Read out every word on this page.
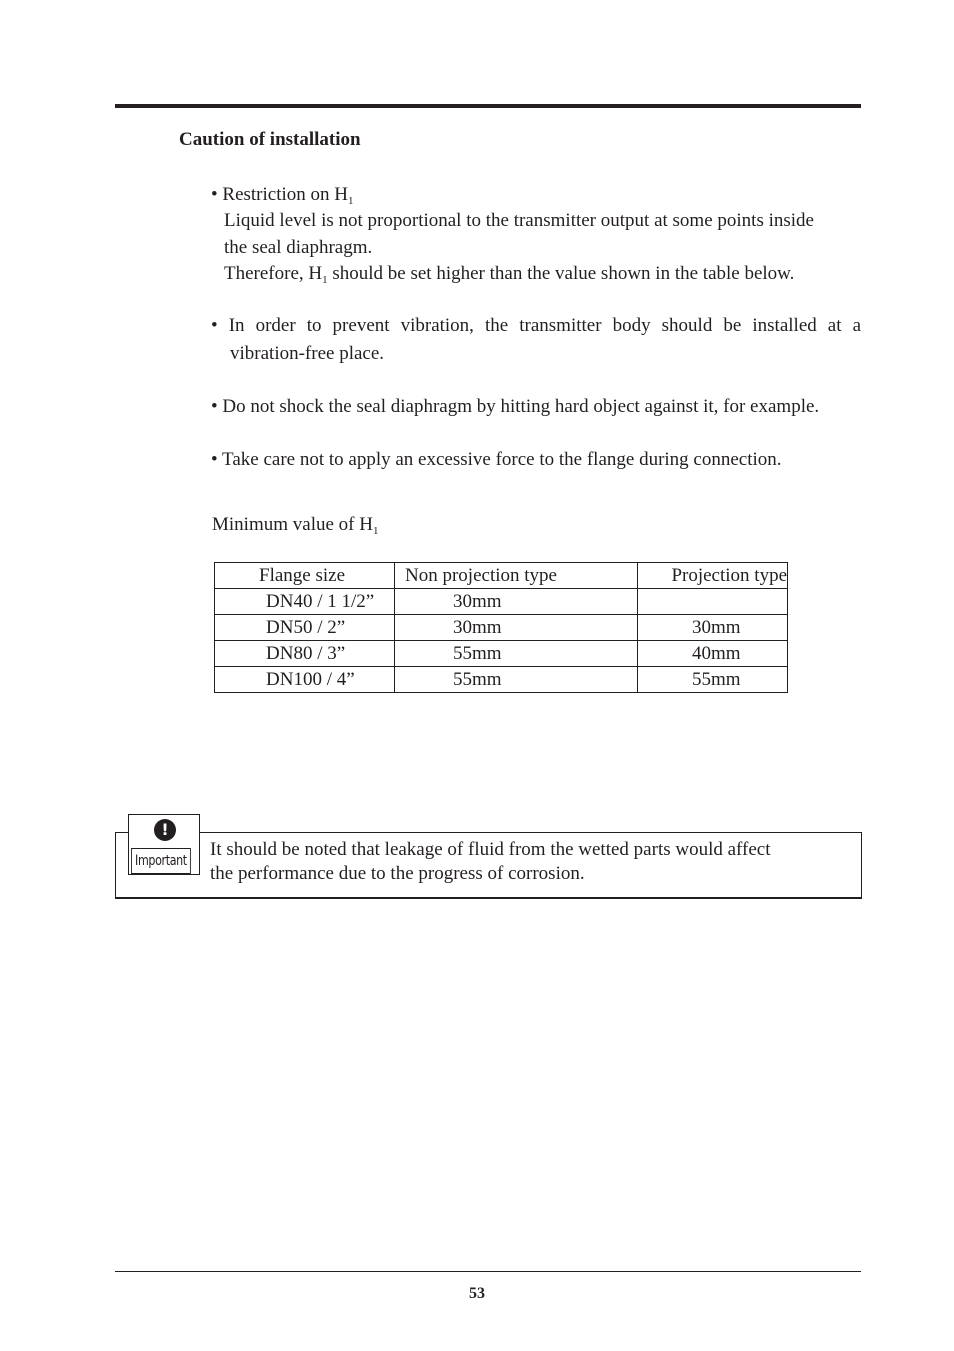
Caution of installation
• Restriction on $H_1$
Liquid level is not proportional to the transmitter output at some points inside
the seal diaphragm.
Therefore, $H_1$ should be set higher than the value shown in the table below.
• In order to prevent vibration, the transmitter body should be installed at a
vibration-free place.
• Do not shock the seal diaphragm by hitting hard object against it, for example.
• Take care not to apply an excessive force to the flange during connection.
Minimum value of $H_1$
Flange size	Non projection type	Projection type
DN40 / 1 1/2”	30mm	
DN50 / 2”	30mm	30mm
DN80 / 3”	55mm	40mm
DN100 / 4”	55mm	55mm
!
Important
It should be noted that leakage of fluid from the wetted parts would affect
the performance due to the progress of corrosion.
53
